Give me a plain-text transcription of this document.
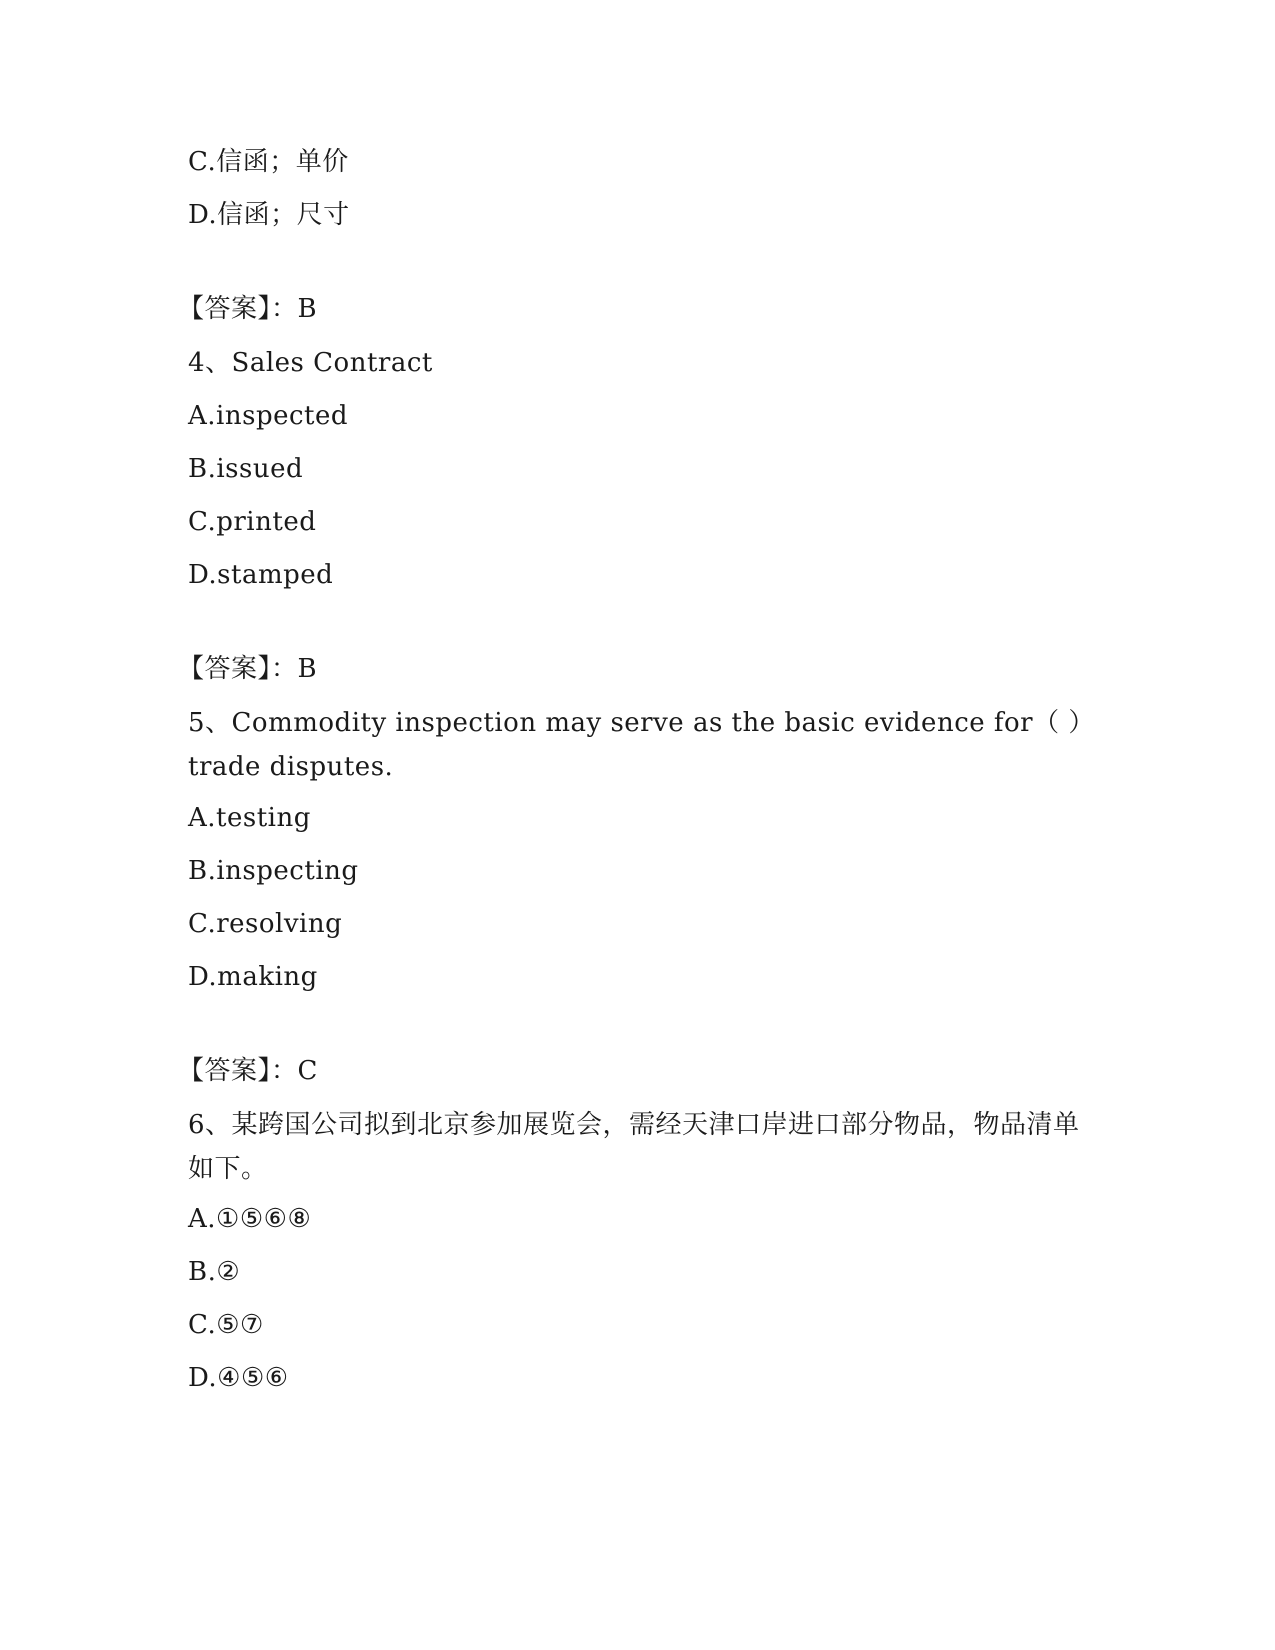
C.信函；单价
D.信函；尺寸
【答案】：B
4、Sales Contract
A.inspected
B.issued
C.printed
D.stamped
【答案】：B
5、Commodity inspection may serve as the basic evidence for（ ）trade disputes.
A.testing
B.inspecting
C.resolving
D.making
【答案】：C
6、某跨国公司拟到北京参加展览会，需经天津口岸进口部分物品，物品清单如下。
A.①⑤⑥⑧
B.②
C.⑤⑦
D.④⑤⑥
